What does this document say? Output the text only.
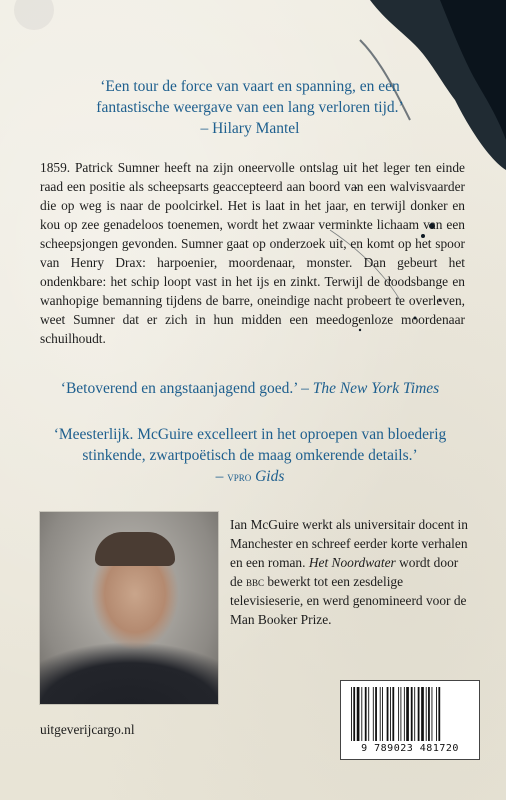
‘Een tour de force van vaart en spanning, en een
fantastische weergave van een lang verloren tijd.’
– Hilary Mantel
1859. Patrick Sumner heeft na zijn oneervolle ontslag uit het leger ten einde raad een positie als scheepsarts geaccepteerd aan boord van een walvisvaarder die op weg is naar de poolcirkel. Het is laat in het jaar, en terwijl donker en kou op zee genadeloos toenemen, wordt het zwaar verminkte lichaam van een scheepsjongen gevonden. Sumner gaat op onderzoek uit, en komt op het spoor van Henry Drax: harpoenier, moordenaar, monster. Dan gebeurt het ondenkbare: het schip loopt vast in het ijs en zinkt. Terwijl de doodsbange en wanhopige bemanning tijdens de barre, oneindige nacht probeert te overleven, weet Sumner dat er zich in hun midden een meedogenloze moordenaar schuilhoudt.
‘Betoverend en angstaanjagend goed.’ – The New York Times
‘Meesterlijk. McGuire excelleert in het oproepen van bloederig
stinkende, zwartpoëtisch de maag omkerende details.’
– vpro Gids
Ian McGuire werkt als universitair docent in Manchester en schreef eerder korte verhalen en een roman. Het Noordwater wordt door de bbc bewerkt tot een zesdelige televisieserie, en werd genomineerd voor de Man Booker Prize.
uitgeverijcargo.nl
9 789023 481720
